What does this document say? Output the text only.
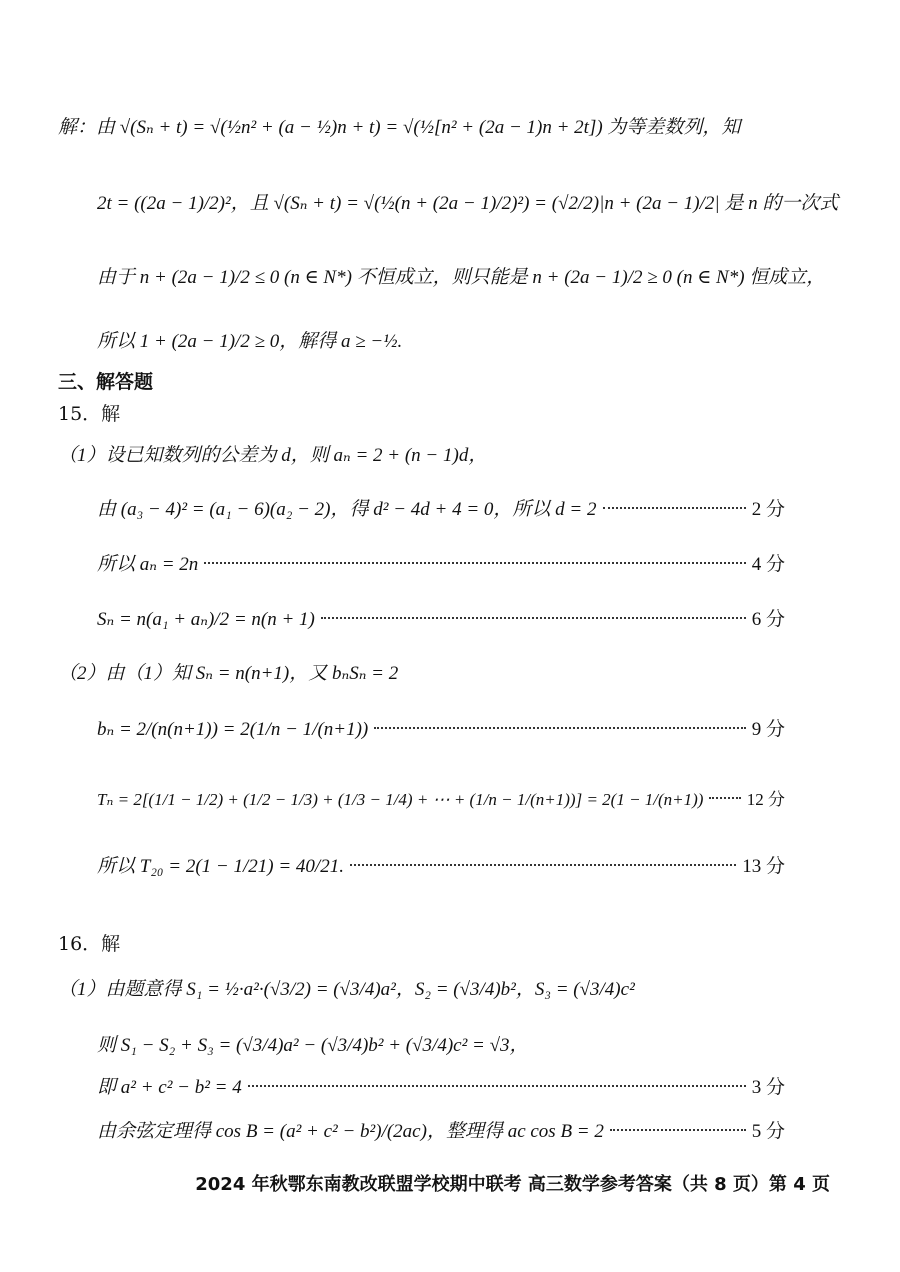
解：由 √(Sₙ + t) = √(½n² + (a − ½)n + t) = √(½[n² + (2a − 1)n + 2t]) 为等差数列，知
2t = ((2a − 1)/2)²，且 √(Sₙ + t) = √(½(n + (2a − 1)/2)²) = (√2/2)|n + (2a − 1)/2| 是 n 的一次式
由于 n + (2a − 1)/2 ≤ 0 (n ∈ N*) 不恒成立，则只能是 n + (2a − 1)/2 ≥ 0 (n ∈ N*) 恒成立，
所以 1 + (2a − 1)/2 ≥ 0，解得 a ≥ −½.
三、解答题
15．解
（1）设已知数列的公差为 d，则 aₙ = 2 + (n − 1)d，
由 (a₃ − 4)² = (a₁ − 6)(a₂ − 2)，得 d² − 4d + 4 = 0，所以 d = 2	2 分
所以 aₙ = 2n	4 分
Sₙ = n(a₁ + aₙ)/2 = n(n + 1)	6 分
（2）由（1）知 Sₙ = n(n+1)，又 bₙSₙ = 2
bₙ = 2/(n(n+1)) = 2(1/n − 1/(n+1))	9 分
Tₙ = 2[(1/1 − 1/2) + (1/2 − 1/3) + (1/3 − 1/4) + ⋯ + (1/n − 1/(n+1))] = 2(1 − 1/(n+1))	12 分
所以 T₂₀ = 2(1 − 1/21) = 40/21.	13 分
16．解
（1）由题意得 S₁ = ½·a²·(√3/2) = (√3/4)a²，S₂ = (√3/4)b²，S₃ = (√3/4)c²
则 S₁ − S₂ + S₃ = (√3/4)a² − (√3/4)b² + (√3/4)c² = √3，
即 a² + c² − b² = 4	3 分
由余弦定理得 cos B = (a² + c² − b²)/(2ac)，整理得 ac cos B = 2	5 分
2024 年秋鄂东南教改联盟学校期中联考 高三数学参考答案（共 8 页）第 4 页
